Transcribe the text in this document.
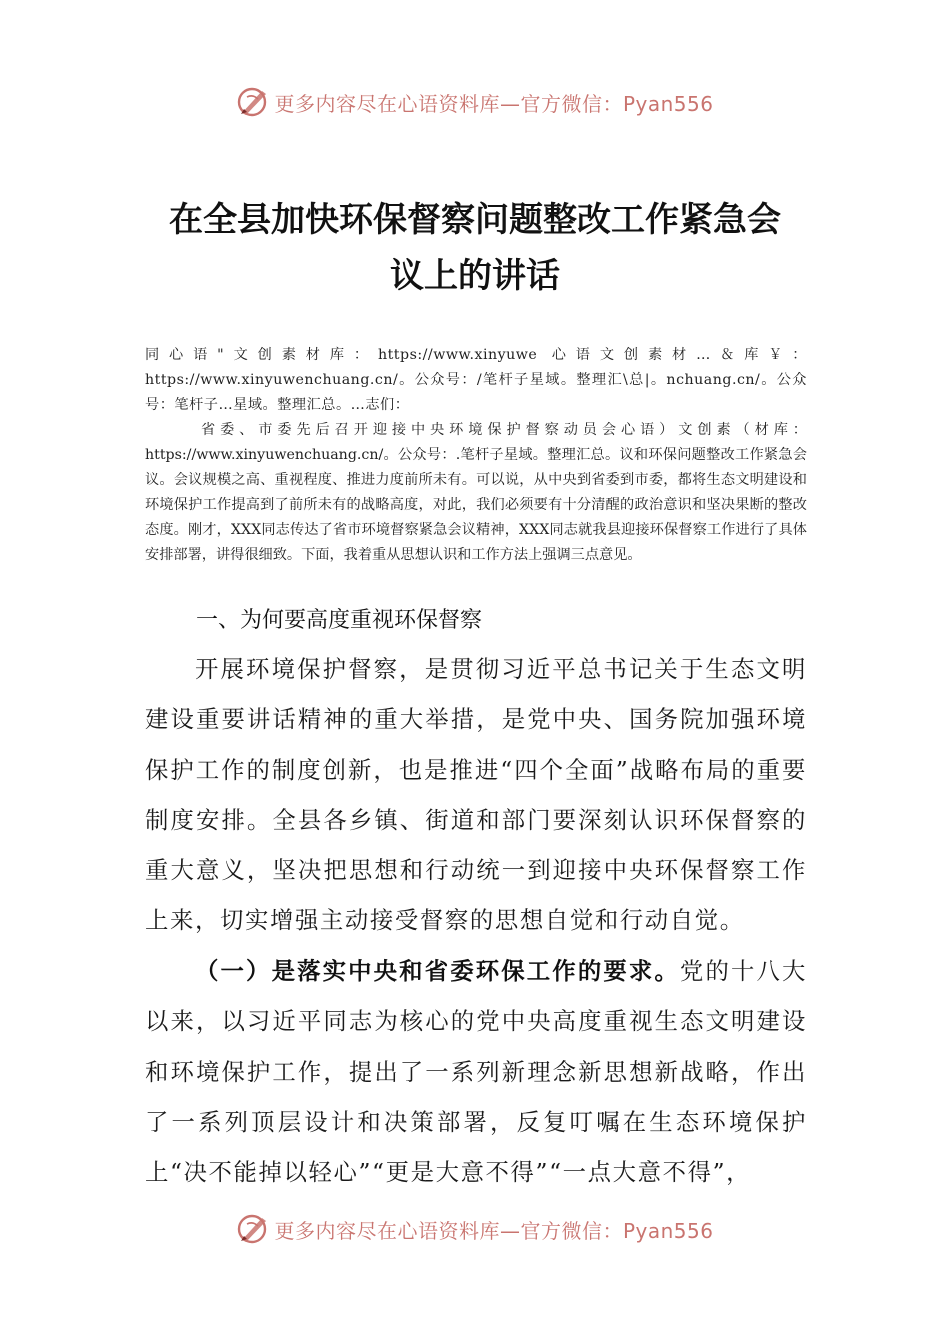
更多内容尽在心语资料库 —官方微信：Pyan556
在全县加快环保督察问题整改工作紧急会
议上的讲话
同心语"文创素材库：https://www.xinyuwe 心语文创素材…＆库￥：https://www.xinyuwenchuang.cn/。公众号：/笔杆子星域。整理汇\总|。nchuang.cn/。公众号：笔杆子…星域。整理汇总。…志们：
省委、市委先后召开迎接中央环境保护督察动员会心语）文创素（材库：https://www.xinyuwenchuang.cn/。公众号：.笔杆子星域。整理汇总。议和环保问题整改工作紧急会议。会议规模之高、重视程度、推进力度前所未有。可以说，从中央到省委到市委，都将生态文明建设和环境保护工作提高到了前所未有的战略高度，对此，我们必须要有十分清醒的政治意识和坚决果断的整改态度。刚才，XXX同志传达了省市环境督察紧急会议精神，XXX同志就我县迎接环保督察工作进行了具体安排部署，讲得很细致。下面，我着重从思想认识和工作方法上强调三点意见。
一、为何要高度重视环保督察
开展环境保护督察，是贯彻习近平总书记关于生态文明建设重要讲话精神的重大举措，是党中央、国务院加强环境保护工作的制度创新，也是推进“四个全面”战略布局的重要制度安排。全县各乡镇、街道和部门要深刻认识环保督察的重大意义，坚决把思想和行动统一到迎接中央环保督察工作上来，切实增强主动接受督察的思想自觉和行动自觉。
（一）是落实中央和省委环保工作的要求。党的十八大以来，以习近平同志为核心的党中央高度重视生态文明建设和环境保护工作，提出了一系列新理念新思想新战略，作出了一系列顶层设计和决策部署，反复叮嘱在生态环境保护上“决不能掉以轻心”“更是大意不得”“一点大意不得”，
更多内容尽在心语资料库 —官方微信：Pyan556
